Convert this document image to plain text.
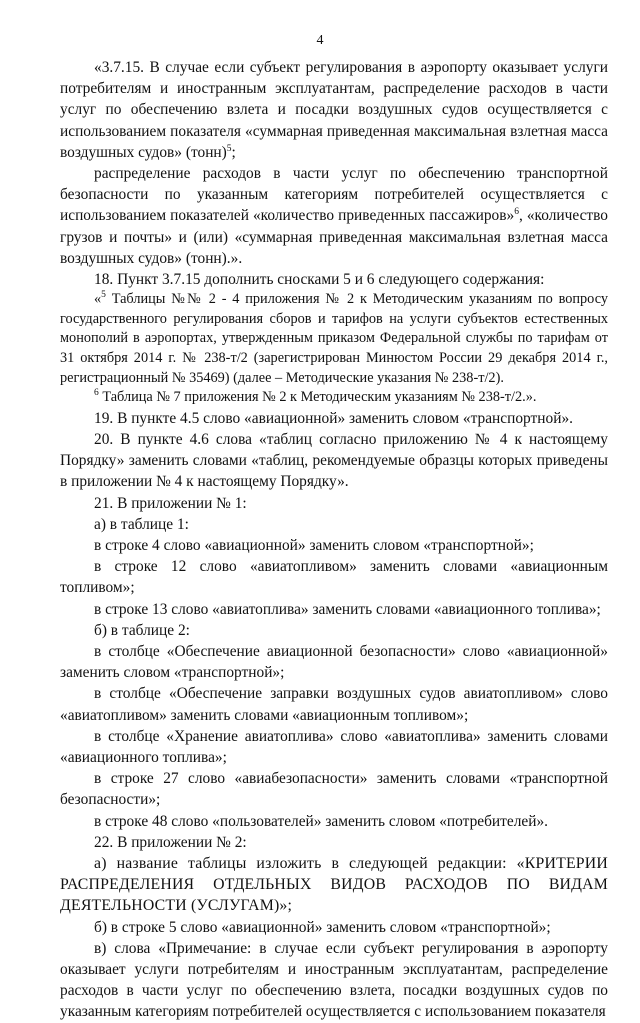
4

«3.7.15. В случае если субъект регулирования в аэропорту оказывает услуги потребителям и иностранным эксплуатантам, распределение расходов в части услуг по обеспечению взлета и посадки воздушных судов осуществляется с использованием показателя «суммарная приведенная максимальная взлетная масса воздушных судов» (тонн)$^5$;

распределение расходов в части услуг по обеспечению транспортной безопасности по указанным категориям потребителей осуществляется с использованием показателей «количество приведенных пассажиров»$^6$, «количество грузов и почты» и (или) «суммарная приведенная максимальная взлетная масса воздушных судов» (тонн).».

18. Пункт 3.7.15 дополнить сносками 5 и 6 следующего содержания:

«$^5$ Таблицы №№ 2 - 4 приложения № 2 к Методическим указаниям по вопросу государственного регулирования сборов и тарифов на услуги субъектов естественных монополий в аэропортах, утвержденным приказом Федеральной службы по тарифам от 31 октября 2014 г. № 238-т/2 (зарегистрирован Минюстом России 29 декабря 2014 г., регистрационный № 35469) (далее – Методические указания № 238-т/2).

$^6$ Таблица № 7 приложения № 2 к Методическим указаниям № 238-т/2.».

19. В пункте 4.5 слово «авиационной» заменить словом «транспортной».

20. В пункте 4.6 слова «таблиц согласно приложению № 4 к настоящему Порядку» заменить словами «таблиц, рекомендуемые образцы которых приведены в приложении № 4 к настоящему Порядку».

21. В приложении № 1:

а) в таблице 1:

в строке 4 слово «авиационной» заменить словом «транспортной»;

в строке 12 слово «авиатопливом» заменить словами «авиационным топливом»;

в строке 13 слово «авиатоплива» заменить словами «авиационного топлива»;

б) в таблице 2:

в столбце «Обеспечение авиационной безопасности» слово «авиационной» заменить словом «транспортной»;

в столбце «Обеспечение заправки воздушных судов авиатопливом» слово «авиатопливом» заменить словами «авиационным топливом»;

в столбце «Хранение авиатоплива» слово «авиатоплива» заменить словами «авиационного топлива»;

в строке 27 слово «авиабезопасности» заменить словами «транспортной безопасности»;

в строке 48 слово «пользователей» заменить словом «потребителей».

22. В приложении № 2:

а) название таблицы изложить в следующей редакции: «КРИТЕРИИ РАСПРЕДЕЛЕНИЯ ОТДЕЛЬНЫХ ВИДОВ РАСХОДОВ ПО ВИДАМ ДЕЯТЕЛЬНОСТИ (УСЛУГАМ)»;

б) в строке 5 слово «авиационной» заменить словом «транспортной»;

в) слова «Примечание: в случае если субъект регулирования в аэропорту оказывает услуги потребителям и иностранным эксплуатантам, распределение расходов в части услуг по обеспечению взлета, посадки воздушных судов по указанным категориям потребителей осуществляется с использованием показателя
